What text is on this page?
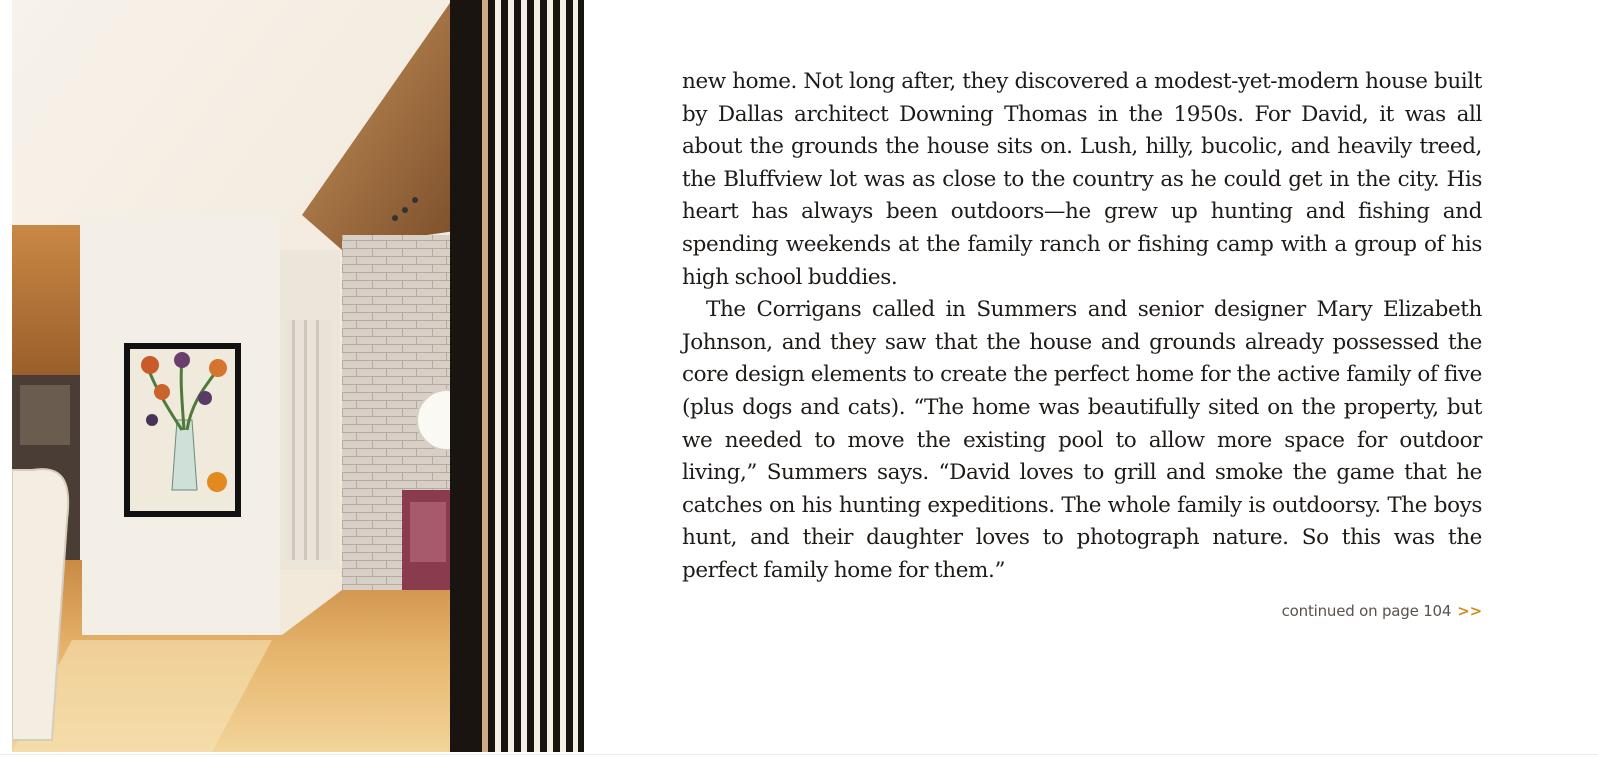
new home. Not long after, they discovered a modest-yet-modern house built by Dallas architect Downing Thomas in the 1950s. For David, it was all about the grounds the house sits on. Lush, hilly, bucolic, and heavily treed, the Bluffview lot was as close to the country as he could get in the city. His heart has always been outdoors—he grew up hunting and fishing and spending weekends at the family ranch or fishing camp with a group of his high school buddies.

The Corrigans called in Summers and senior designer Mary Elizabeth Johnson, and they saw that the house and grounds already possessed the core design elements to create the perfect home for the active family of five (plus dogs and cats). “The home was beautifully sited on the property, but we needed to move the existing pool to allow more space for outdoor living,” Summers says. “David loves to grill and smoke the game that he catches on his hunting expeditions. The whole family is outdoorsy. The boys hunt, and their daughter loves to photograph nature. So this was the perfect family home for them.”

continued on page 104 >>
